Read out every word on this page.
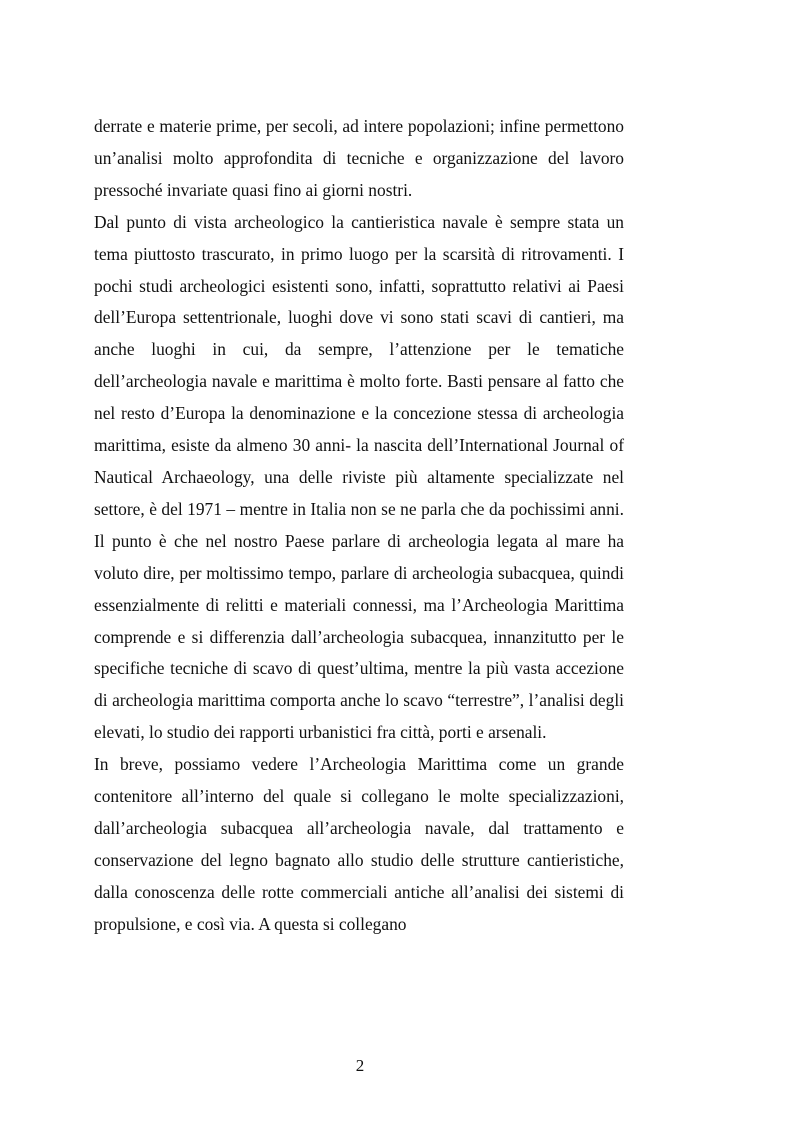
derrate e materie prime, per secoli, ad intere popolazioni; infine permettono un’analisi molto approfondita di tecniche e organizzazione del lavoro pressoché invariate quasi fino ai giorni nostri.

Dal punto di vista archeologico la cantieristica navale è sempre stata un tema piuttosto trascurato, in primo luogo per la scarsità di ritrovamenti. I pochi studi archeologici esistenti sono, infatti, soprattutto relativi ai Paesi dell’Europa settentrionale, luoghi dove vi sono stati scavi di cantieri, ma anche luoghi in cui, da sempre, l’attenzione per le tematiche dell’archeologia navale e marittima è molto forte. Basti pensare al fatto che nel resto d’Europa la denominazione e la concezione stessa di archeologia marittima, esiste da almeno 30 anni- la nascita dell’International Journal of Nautical Archaeology, una delle riviste più altamente specializzate nel settore, è del 1971 – mentre in Italia non se ne parla che da pochissimi anni. Il punto è che nel nostro Paese parlare di archeologia legata al mare ha voluto dire, per moltissimo tempo, parlare di archeologia subacquea, quindi essenzialmente di relitti e materiali connessi, ma l’Archeologia Marittima comprende e si differenzia dall’archeologia subacquea, innanzitutto per le specifiche tecniche di scavo di quest’ultima, mentre la più vasta accezione di archeologia marittima comporta anche lo scavo “terrestre”, l’analisi degli elevati, lo studio dei rapporti urbanistici fra città, porti e arsenali.

In breve, possiamo vedere l’Archeologia Marittima come un grande contenitore all’interno del quale si collegano le molte specializzazioni, dall’archeologia subacquea all’archeologia navale, dal trattamento e conservazione del legno bagnato allo studio delle strutture cantieristiche, dalla conoscenza delle rotte commerciali antiche all’analisi dei sistemi di propulsione, e così via. A questa si collegano

2
